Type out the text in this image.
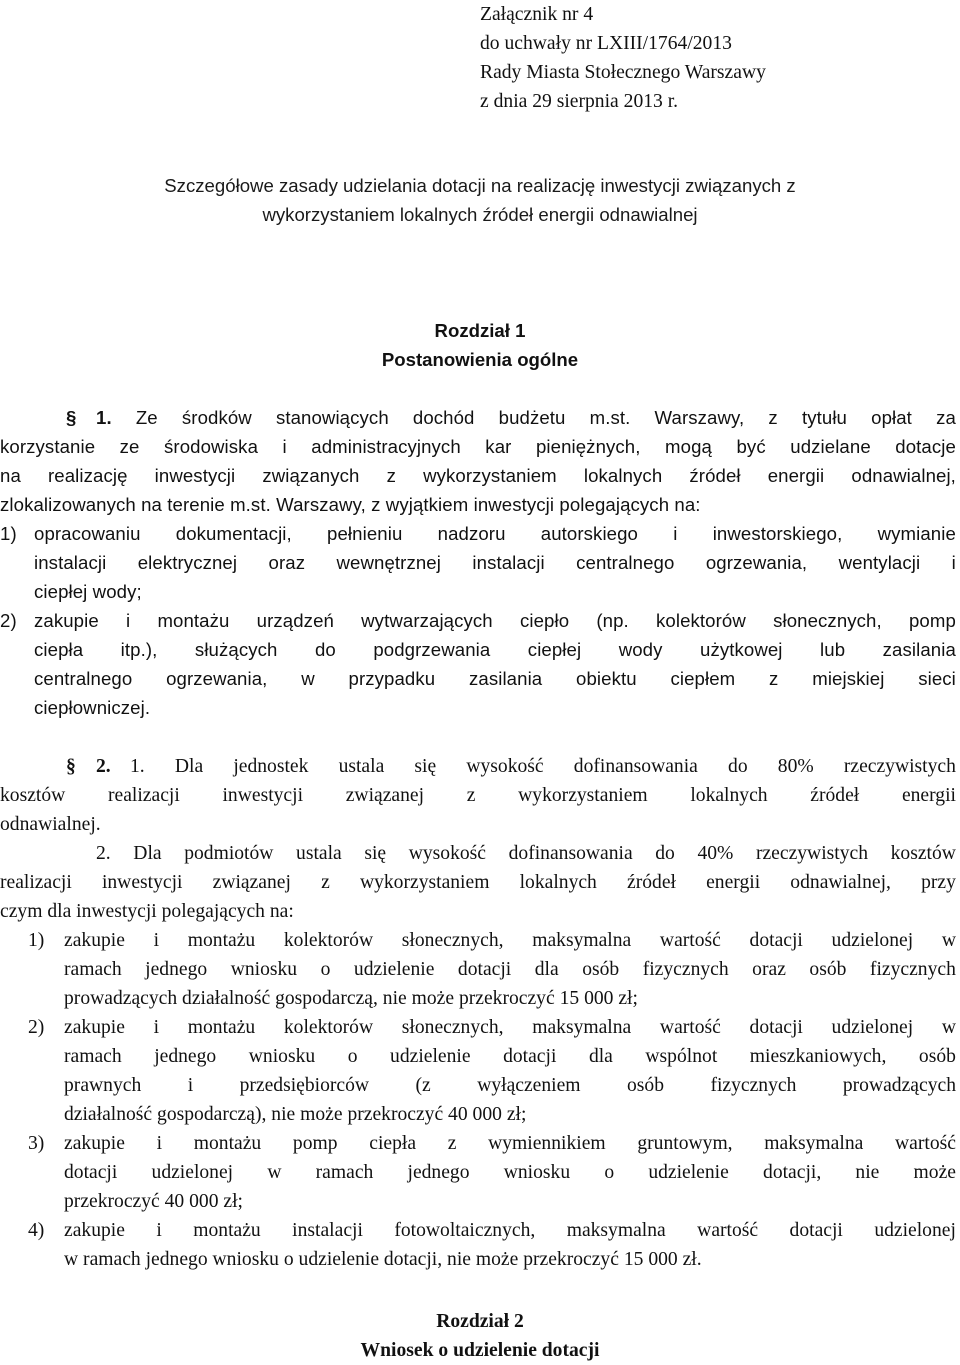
Załącznik nr 4
do uchwały nr LXIII/1764/2013
Rady Miasta Stołecznego Warszawy
z dnia 29 sierpnia 2013 r.
Szczegółowe zasady udzielania dotacji na realizację inwestycji związanych z
wykorzystaniem lokalnych źródeł energii odnawialnej
Rozdział 1
Postanowienia ogólne
§ 1. Ze środków stanowiących dochód budżetu m.st. Warszawy, z tytułu opłat za
korzystanie ze środowiska i administracyjnych kar pieniężnych, mogą być udzielane dotacje
na realizację inwestycji związanych z wykorzystaniem lokalnych źródeł energii odnawialnej,
zlokalizowanych na terenie m.st. Warszawy, z wyjątkiem inwestycji polegających na:
1) opracowaniu dokumentacji, pełnieniu nadzoru autorskiego i inwestorskiego, wymianie
instalacji elektrycznej oraz wewnętrznej instalacji centralnego ogrzewania, wentylacji i
ciepłej wody;
2) zakupie i montażu urządzeń wytwarzających ciepło (np. kolektorów słonecznych, pomp
ciepła itp.), służących do podgrzewania ciepłej wody użytkowej lub zasilania
centralnego ogrzewania, w przypadku zasilania obiektu ciepłem z miejskiej sieci
ciepłowniczej.
§ 2. 1. Dla jednostek ustala się wysokość dofinansowania do 80% rzeczywistych
kosztów realizacji inwestycji związanej z wykorzystaniem lokalnych źródeł energii
odnawialnej.
2. Dla podmiotów ustala się wysokość dofinansowania do 40% rzeczywistych kosztów
realizacji inwestycji związanej z wykorzystaniem lokalnych źródeł energii odnawialnej, przy
czym dla inwestycji polegających na:
1) zakupie i montażu kolektorów słonecznych, maksymalna wartość dotacji udzielonej w
ramach jednego wniosku o udzielenie dotacji dla osób fizycznych oraz osób fizycznych
prowadzących działalność gospodarczą, nie może przekroczyć 15 000 zł;
2) zakupie i montażu kolektorów słonecznych, maksymalna wartość dotacji udzielonej w
ramach jednego wniosku o udzielenie dotacji dla wspólnot mieszkaniowych, osób
prawnych i przedsiębiorców (z wyłączeniem osób fizycznych prowadzących
działalność gospodarczą), nie może przekroczyć 40 000 zł;
3) zakupie i montażu pomp ciepła z wymiennikiem gruntowym, maksymalna wartość
dotacji udzielonej w ramach jednego wniosku o udzielenie dotacji, nie może
przekroczyć 40 000 zł;
4) zakupie i montażu instalacji fotowoltaicznych, maksymalna wartość dotacji udzielonej
w ramach jednego wniosku o udzielenie dotacji, nie może przekroczyć 15 000 zł.
Rozdział 2
Wniosek o udzielenie dotacji
